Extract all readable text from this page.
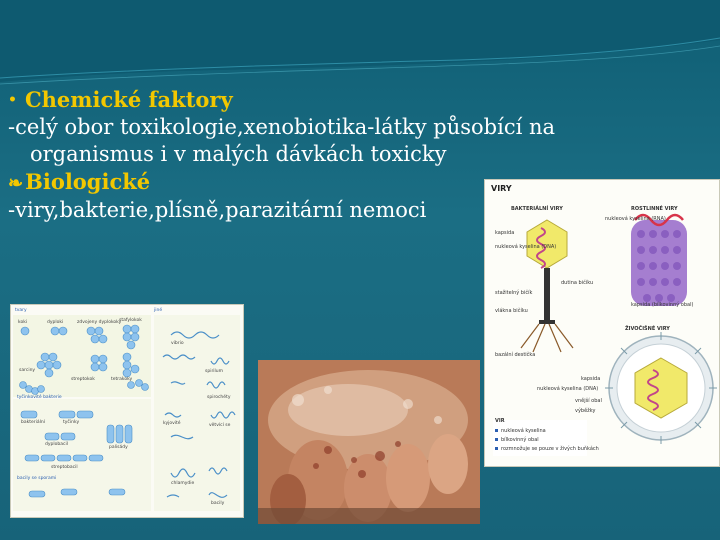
• Chemické faktory
-celý obor toxikologie,xenobiotika-látky působící na
organismus i v malých dávkách toxicky
❧Biologické
-viry,bakterie,plísně,parazitární nemoci
tvary	jiné
koki	dyploki	zdvojeny dyplokoky
stafylokok
sarciny
streptokok	tetrakoky
tyčinkovité bakterie
bakteriální	tyčinky
dyplobacil
palisády
streptobacil
bacily se sporami
vibrio
spirilum
spirochéty
kyjovité	větvící se
chlamydie
bacily
VIRY
BAKTERIÁLNÍ VIRY	ROSTLINNÉ VIRY
ŽIVOČIŠNÉ VIRY
nukleová kyselina (RNA)
kapsida
nukleová kyselina (DNA)
dutina bičíku
stažitelný bičík
kapsida (bílkovinný obal)
vlákna bičíku
bazální destička
kapsida
nukleová kyselina (DNA)
vnější obal
výběžky
VIR
nukleová kyselina
bílkovinný obal
rozmnožuje se pouze v živých buňkách
